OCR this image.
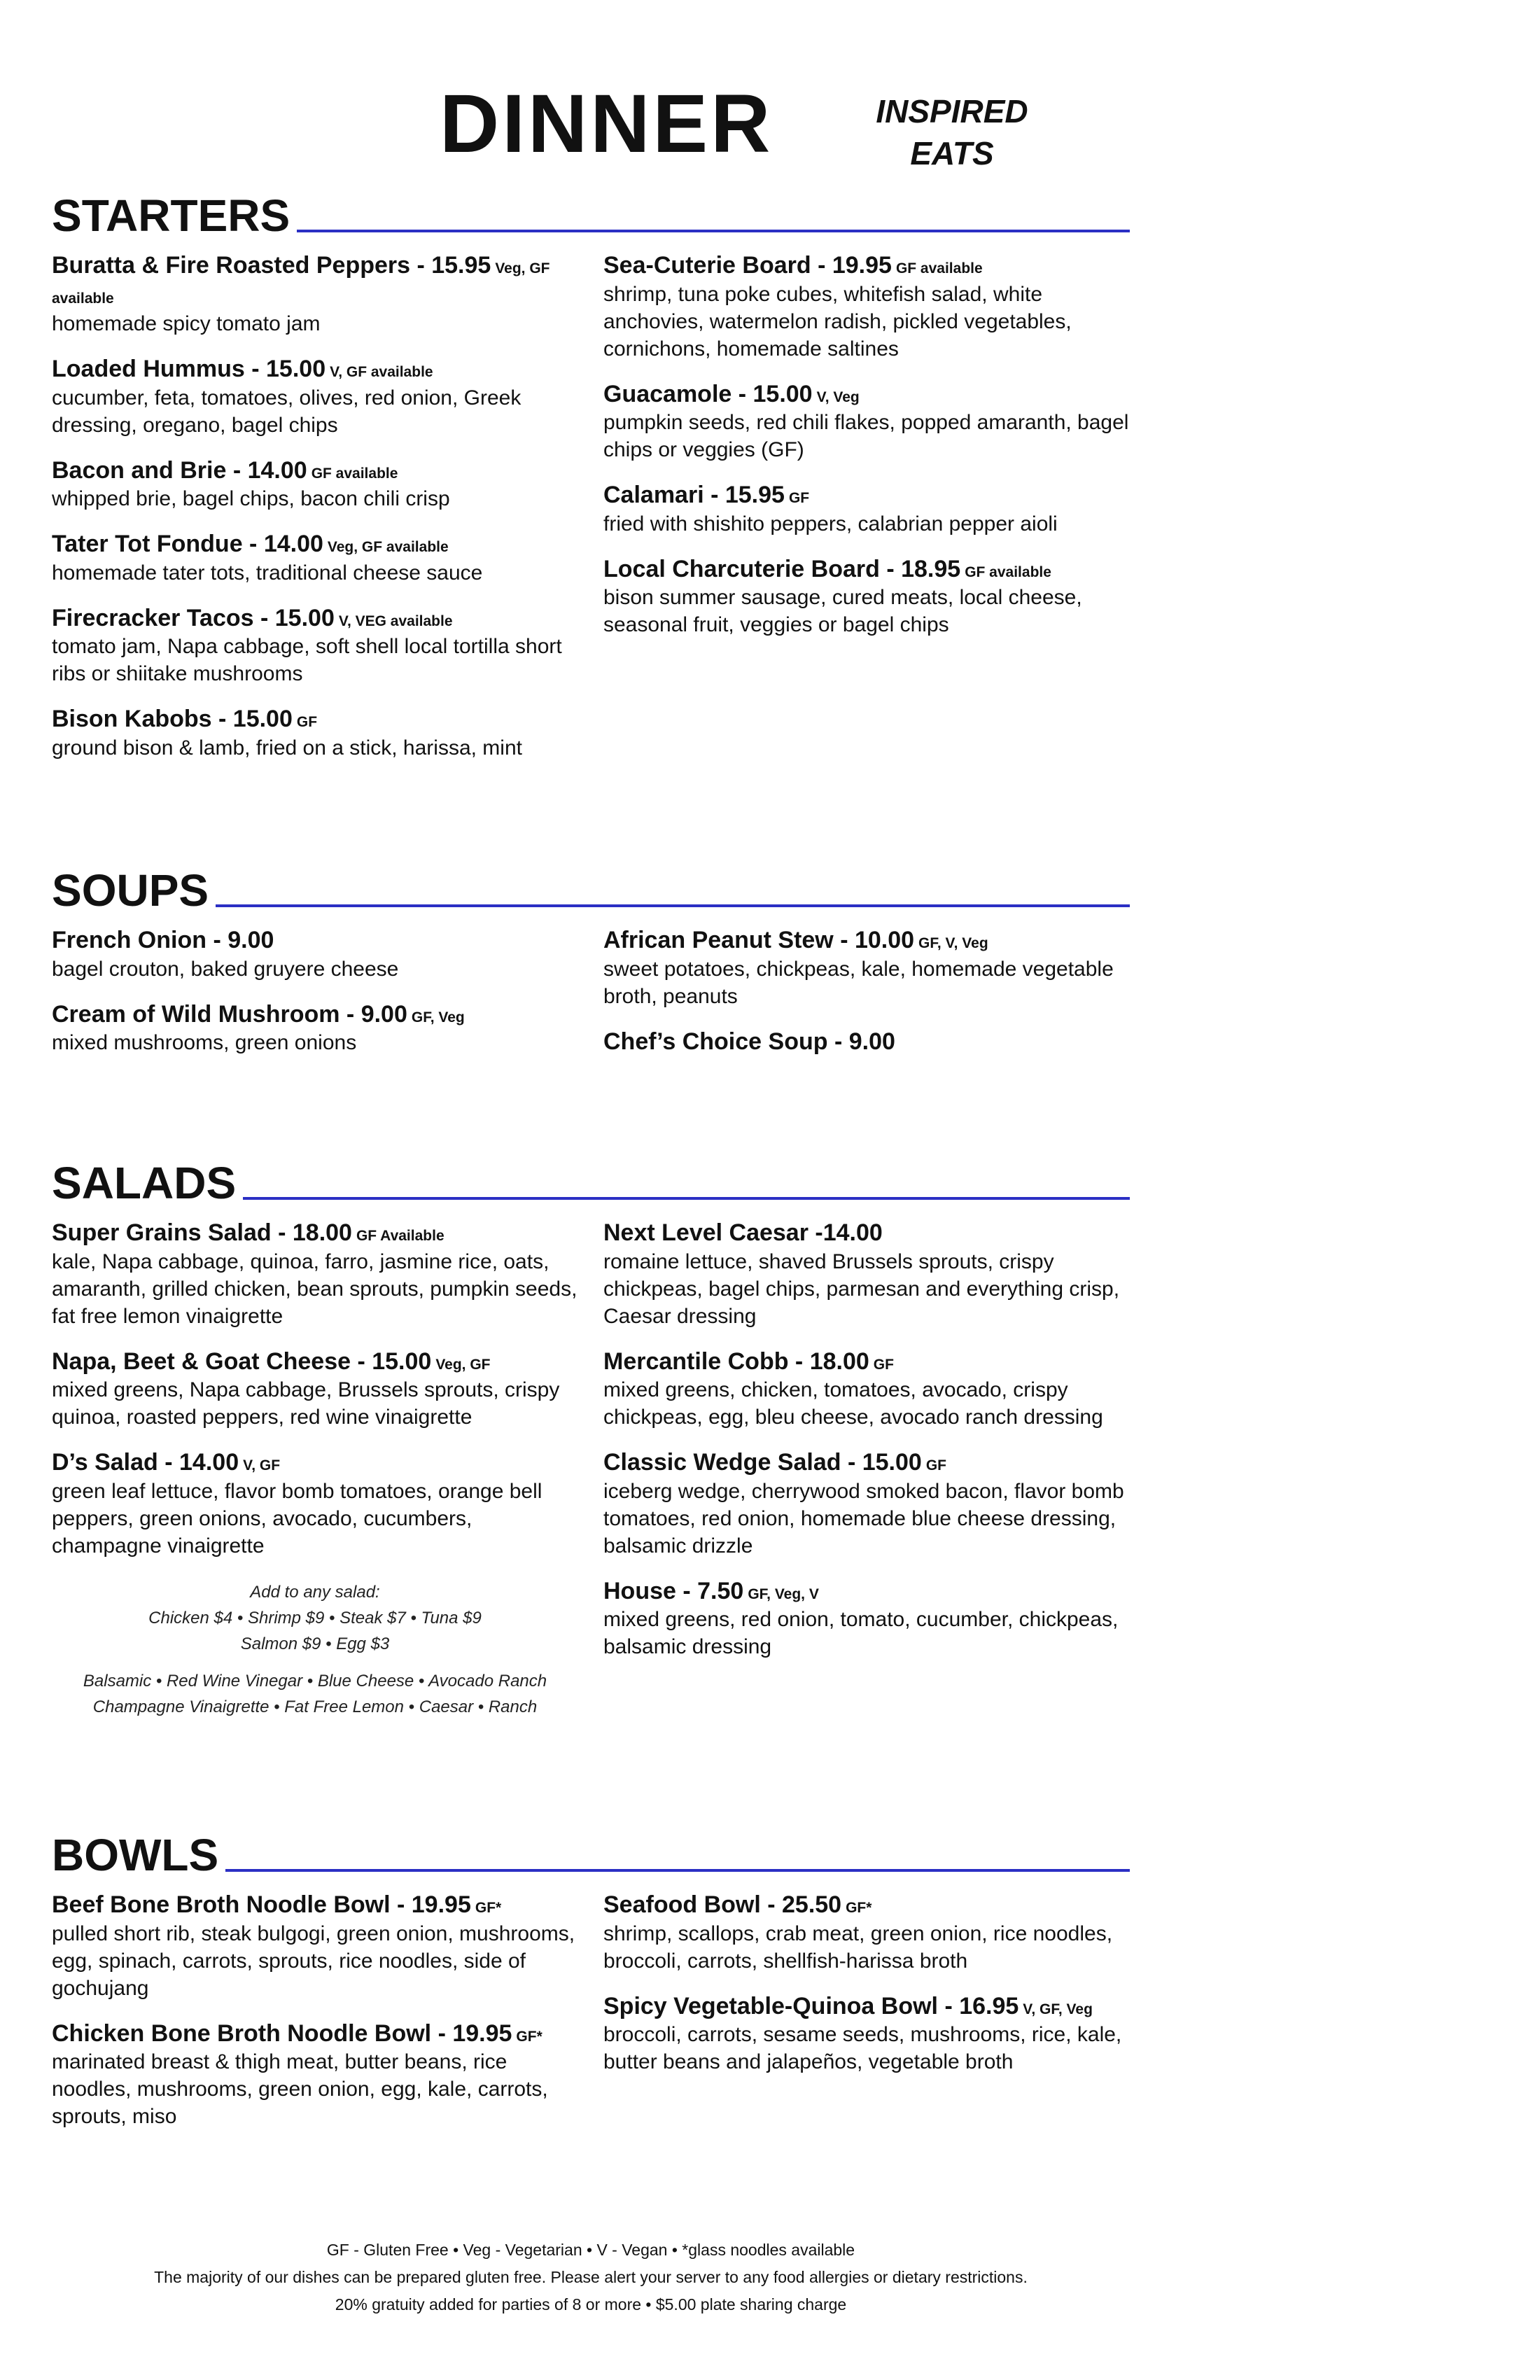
DINNER	INSPIRED
EATS
STARTERS
Buratta & Fire Roasted Peppers - 15.95 Veg, GF available
homemade spicy tomato jam
Loaded Hummus - 15.00 V, GF available
cucumber, feta, tomatoes, olives, red onion, Greek dressing, oregano, bagel chips
Bacon and Brie - 14.00 GF available
whipped brie, bagel chips, bacon chili crisp
Tater Tot Fondue - 14.00 Veg, GF available
homemade tater tots, traditional cheese sauce
Firecracker Tacos - 15.00 V, VEG available
tomato jam, Napa cabbage, soft shell local tortilla short ribs or shiitake mushrooms
Bison Kabobs - 15.00 GF
ground bison & lamb, fried on a stick, harissa, mint
Sea-Cuterie Board - 19.95 GF available
shrimp, tuna poke cubes, whitefish salad, white anchovies, watermelon radish, pickled vegetables, cornichons, homemade saltines
Guacamole - 15.00 V, Veg
pumpkin seeds, red chili flakes, popped amaranth, bagel chips or veggies (GF)
Calamari - 15.95 GF
fried with shishito peppers, calabrian pepper aioli
Local Charcuterie Board - 18.95 GF available
bison summer sausage, cured meats, local cheese, seasonal fruit, veggies or bagel chips
SOUPS
French Onion - 9.00
bagel crouton, baked gruyere cheese
Cream of Wild Mushroom - 9.00 GF, Veg
mixed mushrooms, green onions
African Peanut Stew - 10.00 GF, V, Veg
sweet potatoes, chickpeas, kale, homemade vegetable broth, peanuts
Chef’s Choice Soup - 9.00
SALADS
Super Grains Salad - 18.00 GF Available
kale, Napa cabbage, quinoa, farro, jasmine rice, oats, amaranth, grilled chicken, bean sprouts, pumpkin seeds, fat free lemon vinaigrette
Napa, Beet & Goat Cheese - 15.00 Veg, GF
mixed greens, Napa cabbage, Brussels sprouts, crispy quinoa, roasted peppers, red wine vinaigrette
D’s Salad - 14.00 V, GF
green leaf lettuce, flavor bomb tomatoes, orange bell peppers, green onions, avocado, cucumbers, champagne vinaigrette
Add to any salad:
Chicken $4 • Shrimp $9 • Steak $7 • Tuna $9
Salmon $9 • Egg $3
Balsamic • Red Wine Vinegar • Blue Cheese • Avocado Ranch
Champagne Vinaigrette • Fat Free Lemon • Caesar • Ranch
Next Level Caesar -14.00
romaine lettuce, shaved Brussels sprouts, crispy chickpeas, bagel chips, parmesan and everything crisp, Caesar dressing
Mercantile Cobb - 18.00 GF
mixed greens, chicken, tomatoes, avocado, crispy chickpeas, egg, bleu cheese, avocado ranch dressing
Classic Wedge Salad - 15.00 GF
iceberg wedge, cherrywood smoked bacon, flavor bomb tomatoes, red onion, homemade blue cheese dressing, balsamic drizzle
House - 7.50 GF, Veg, V
mixed greens, red onion, tomato, cucumber, chickpeas, balsamic dressing
BOWLS
Beef Bone Broth Noodle Bowl - 19.95 GF*
pulled short rib, steak bulgogi, green onion, mushrooms, egg, spinach, carrots, sprouts, rice noodles, side of gochujang
Chicken Bone Broth Noodle Bowl - 19.95 GF*
marinated breast & thigh meat, butter beans, rice noodles, mushrooms, green onion, egg, kale, carrots, sprouts, miso
Seafood Bowl - 25.50 GF*
shrimp, scallops, crab meat, green onion, rice noodles, broccoli, carrots, shellfish-harissa broth
Spicy Vegetable-Quinoa Bowl - 16.95 V, GF, Veg
broccoli, carrots, sesame seeds, mushrooms, rice, kale, butter beans and jalapeños, vegetable broth
GF - Gluten Free • Veg - Vegetarian • V - Vegan • *glass noodles available
The majority of our dishes can be prepared gluten free. Please alert your server to any food allergies or dietary restrictions.
20% gratuity added for parties of 8 or more • $5.00 plate sharing charge
